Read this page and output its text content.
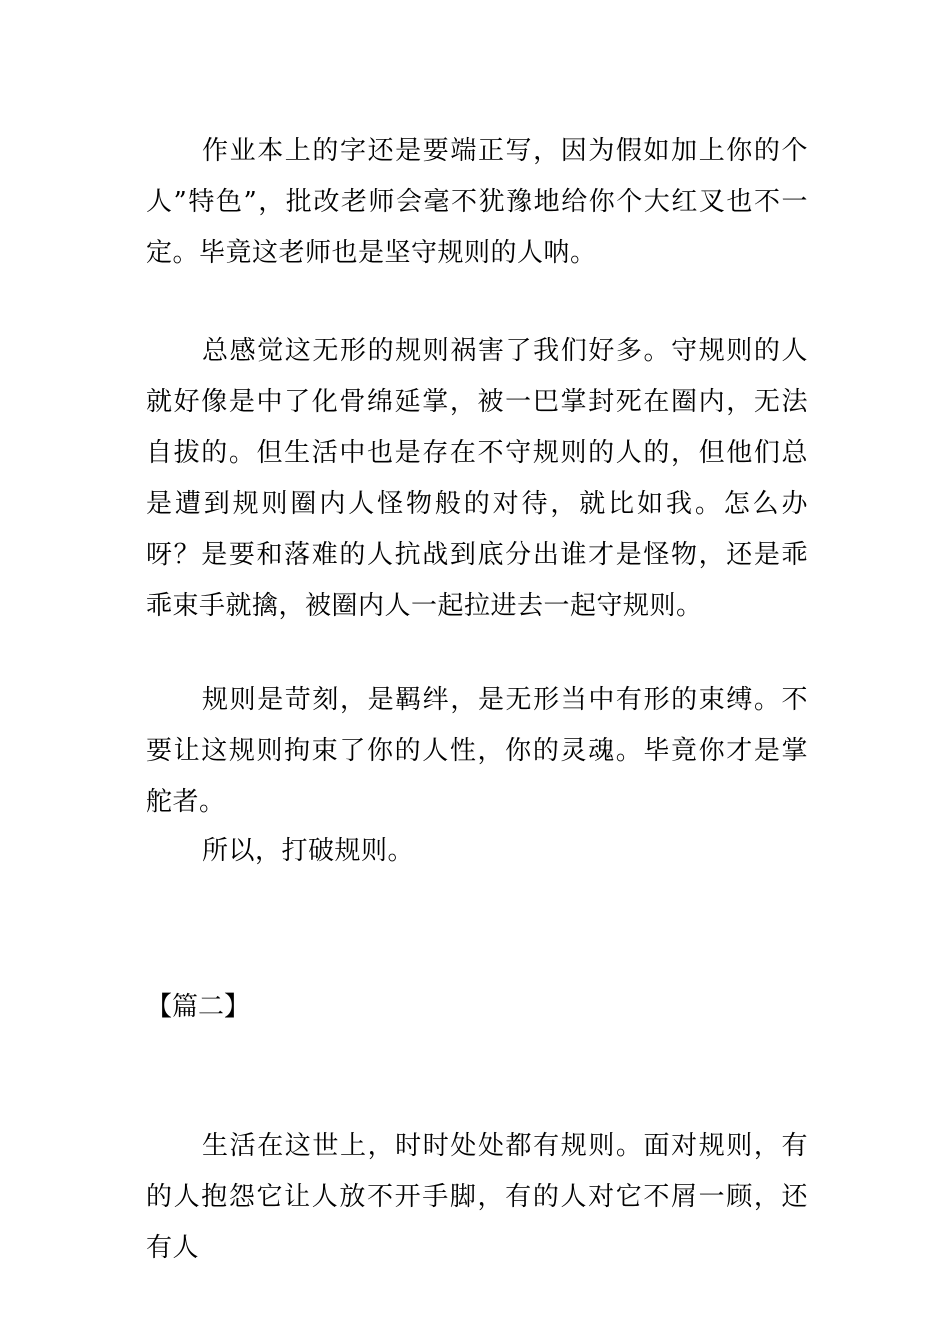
作业本上的字还是要端正写，因为假如加上你的个人”特色”，批改老师会毫不犹豫地给你个大红叉也不一定。毕竟这老师也是坚守规则的人呐。

总感觉这无形的规则祸害了我们好多。守规则的人就好像是中了化骨绵延掌，被一巴掌封死在圈内，无法自拔的。但生活中也是存在不守规则的人的，但他们总是遭到规则圈内人怪物般的对待，就比如我。怎么办呀？是要和落难的人抗战到底分出谁才是怪物，还是乖乖束手就擒，被圈内人一起拉进去一起守规则。

规则是苛刻，是羁绊，是无形当中有形的束缚。不要让这规则拘束了你的人性，你的灵魂。毕竟你才是掌舵者。

所以，打破规则。

【篇二】

生活在这世上，时时处处都有规则。面对规则，有的人抱怨它让人放不开手脚，有的人对它不屑一顾，还有人
